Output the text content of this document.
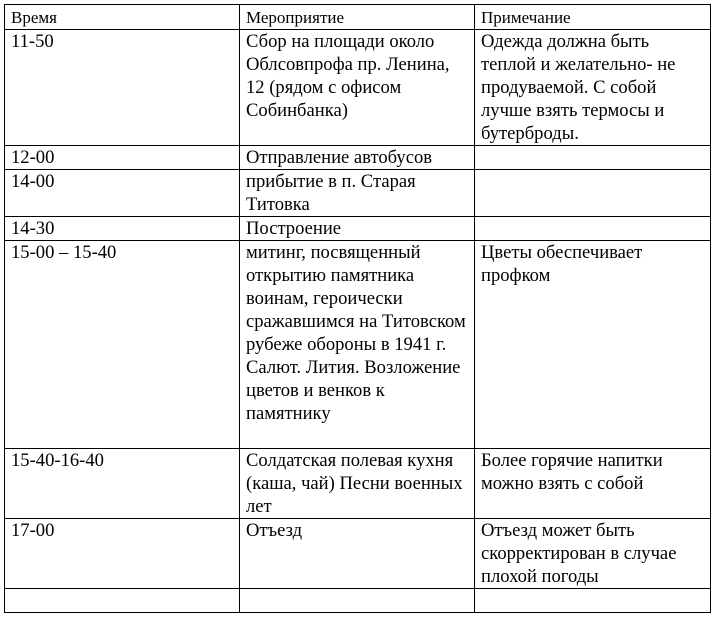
Время	Мероприятие	Примечание
11-50	Сбор на площади около Облсовпрофа пр. Ленина, 12 (рядом с офисом Собинбанка)	Одежда должна быть теплой и желательно- не продуваемой. С собой лучше взять термосы и бутерброды.
12-00	Отправление автобусов	
14-00	прибытие в п. Старая Титовка	
14-30	Построение	
15-00 – 15-40	митинг, посвященный открытию памятника воинам, героически сражавшимся на Титовском рубеже обороны в 1941 г. Салют. Лития. Возложение цветов и венков к памятнику	Цветы обеспечивает профком
15-40-16-40	Солдатская полевая кухня (каша, чай) Песни военных лет	Более горячие напитки можно взять с собой
17-00	Отъезд	Отъезд может быть скорректирован в случае плохой погоды
